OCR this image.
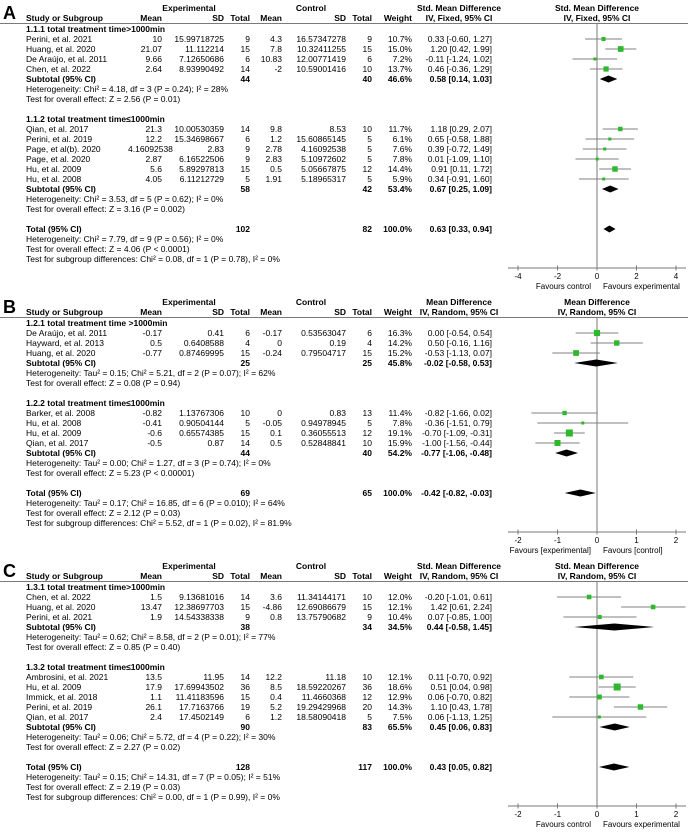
A	Experimental	Control	Std. Mean Difference
Study or Subgroup	Mean	SD Total	Mean	SD Total	Weight	IV, Fixed, 95% CI
1.1.1 total treatment time>1000min
Perini, et al. 2021	10	15.99718725	9	4.3	16.57347278	9	10.7%	0.33 [-0.60, 1.27]
Huang, et al. 2020	21.07	11.112214	15	7.8	10.32411255	15	15.0%	1.20 [0.42, 1.99]
De Araújo, et al. 2011	9.66	7.12650686	6	10.83	12.00771419	6	7.2%	-0.11 [-1.24, 1.02]
Chen, et al. 2022	2.64	8.93990492	14	-2	10.59001416	10	13.7%	0.46 [-0.36, 1.29]
Subtotal (95% CI)	44	40	46.6%	0.58 [0.14, 1.03]
Heterogeneity: Chi² = 4.18, df = 3 (P = 0.24); I² = 28%
Test for overall effect: Z = 2.56 (P = 0.01)
1.1.2 total treatment time≤1000min
Qian, et al. 2017	21.3	10.00530359	14	9.8	8.53	10	11.7%	1.18 [0.29, 2.07]
Perini, et al. 2019	12.2	15.34698667	6	1.2	15.60865145	5	6.1%	0.65 [-0.58, 1.88]
Page, et al(b). 2020	4.16092538	2.83	9	2.78	4.16092538	5	7.6%	0.39 [-0.72, 1.49]
Page, et al. 2020	2.87	6.16522506	9	2.83	5.10972602	5	7.8%	0.01 [-1.09, 1.10]
Hu, et al. 2009	5.6	5.89297813	15	0.5	5.05667875	12	14.4%	0.91 [0.11, 1.72]
Hu, et al. 2008	4.05	6.11212729	5	1.91	5.18965317	5	5.9%	0.34 [-0.91, 1.60]
Subtotal (95% CI)	58	42	53.4%	0.67 [0.25, 1.09]
Heterogeneity: Chi² = 3.53, df = 5 (P = 0.62); I² = 0%
Test for overall effect: Z = 3.16 (P = 0.002)
Total (95% CI)	102	82	100.0%	0.63 [0.33, 0.94]
Heterogeneity: Chi² = 7.79, df = 9 (P = 0.56); I² = 0%
Test for overall effect: Z = 4.06 (P < 0.0001)
Test for subgroup differences: Chi² = 0.08, df = 1 (P = 0.78), I² = 0%
Std. Mean Difference
IV, Fixed, 95% CI
-4	-2	0	2	4
Favours control Favours experimental
B	Experimental	Control	Mean Difference
Study or Subgroup	Mean	SD Total	Mean	SD Total	Weight IV, Random, 95% CI
1.2.1 total treatment time >1000min
De Araújo, et al. 2011	-0.17	0.41	6	-0.17	0.53563047	6	16.3%	0.00 [-0.54, 0.54]
Hayward, et al. 2013	0.5	0.6408588	4	0	0.19	4	14.2%	0.50 [-0.16, 1.16]
Huang, et al. 2020	-0.77	0.87469995	15	-0.24	0.79504717	15	15.2%	-0.53 [-1.13, 0.07]
Subtotal (95% CI)	25	25	45.8%	-0.02 [-0.58, 0.53]
Heterogeneity: Tau² = 0.15; Chi² = 5.21, df = 2 (P = 0.07); I² = 62%
Test for overall effect: Z = 0.08 (P = 0.94)
1.2.2 total treatment time≤1000min
Barker, et al. 2008	-0.82	1.13767306	10	0	0.83	13	11.4%	-0.82 [-1.66, 0.02]
Hu, et al. 2008	-0.41	0.90504144	5	-0.05	0.94978945	5	7.8%	-0.36 [-1.51, 0.79]
Hu, et al. 2009	-0.6	0.65574385	15	0.1	0.36055513	12	19.1%	-0.70 [-1.09, -0.31]
Qian, et al. 2017	-0.5	0.87	14	0.5	0.52848841	10	15.9%	-1.00 [-1.56, -0.44]
Subtotal (95% CI)	44	40	54.2%	-0.77 [-1.06, -0.48]
Heterogeneity: Tau² = 0.00; Chi² = 1.27, df = 3 (P = 0.74); I² = 0%
Test for overall effect: Z = 5.23 (P < 0.00001)
Total (95% CI)	69	65	100.0%	-0.42 [-0.82, -0.03]
Heterogeneity: Tau² = 0.17; Chi² = 16.85, df = 6 (P = 0.010); I² = 64%
Test for overall effect: Z = 2.12 (P = 0.03)
Test for subgroup differences: Chi² = 5.52, df = 1 (P = 0.02), I² = 81.9%
Mean Difference
IV, Random, 95% CI
-2	-1	0	1	2
Favours [experimental] Favours [control]
C	Experimental	Control	Std. Mean Difference
Study or Subgroup	Mean	SD Total	Mean	SD Total	Weight IV, Random, 95% CI
1.3.1 total treatment time>1000min
Chen, et al. 2022	1.5	9.13681016	14	3.6	11.34144171	10	12.0%	-0.20 [-1.01, 0.61]
Huang, et al. 2020	13.47	12.38697703	15	-4.86	12.69086679	15	12.1%	1.42 [0.61, 2.24]
Perini, et al. 2021	1.9	14.54338338	9	0.8	13.75790682	9	10.4%	0.07 [-0.85, 1.00]
Subtotal (95% CI)	38	34	34.5%	0.44 [-0.58, 1.45]
Heterogeneity: Tau² = 0.62; Chi² = 8.58, df = 2 (P = 0.01); I² = 77%
Test for overall effect: Z = 0.85 (P = 0.40)
1.3.2 total treatment time≤1000min
Ambrosini, et al. 2021	13.5	11.95	14	12.2	11.18	10	12.1%	0.11 [-0.70, 0.92]
Hu, et al. 2009	17.9	17.69943502	36	8.5	18.59220267	36	18.6%	0.51 [0.04, 0.98]
Immick, et al. 2018	1.1	11.41183596	15	0.4	11.4660368	12	12.9%	0.06 [-0.70, 0.82]
Perini, et al. 2019	26.1	17.7163766	19	5.2	19.29429968	20	14.3%	1.10 [0.43, 1.78]
Qian, et al. 2017	2.4	17.4502149	6	1.2	18.58090418	5	7.5%	0.06 [-1.13, 1.25]
Subtotal (95% CI)	90	83	65.5%	0.45 [0.06, 0.83]
Heterogeneity: Tau² = 0.06; Chi² = 5.72, df = 4 (P = 0.22); I² = 30%
Test for overall effect: Z = 2.27 (P = 0.02)
Total (95% CI)	128	117	100.0%	0.43 [0.05, 0.82]
Heterogeneity: Tau² = 0.15; Chi² = 14.31, df = 7 (P = 0.05); I² = 51%
Test for overall effect: Z = 2.19 (P = 0.03)
Test for subgroup differences: Chi² = 0.00, df = 1 (P = 0.99), I² = 0%
Std. Mean Difference
IV, Random, 95% CI
-2	-1	0	1	2
Favours control Favours experimental
